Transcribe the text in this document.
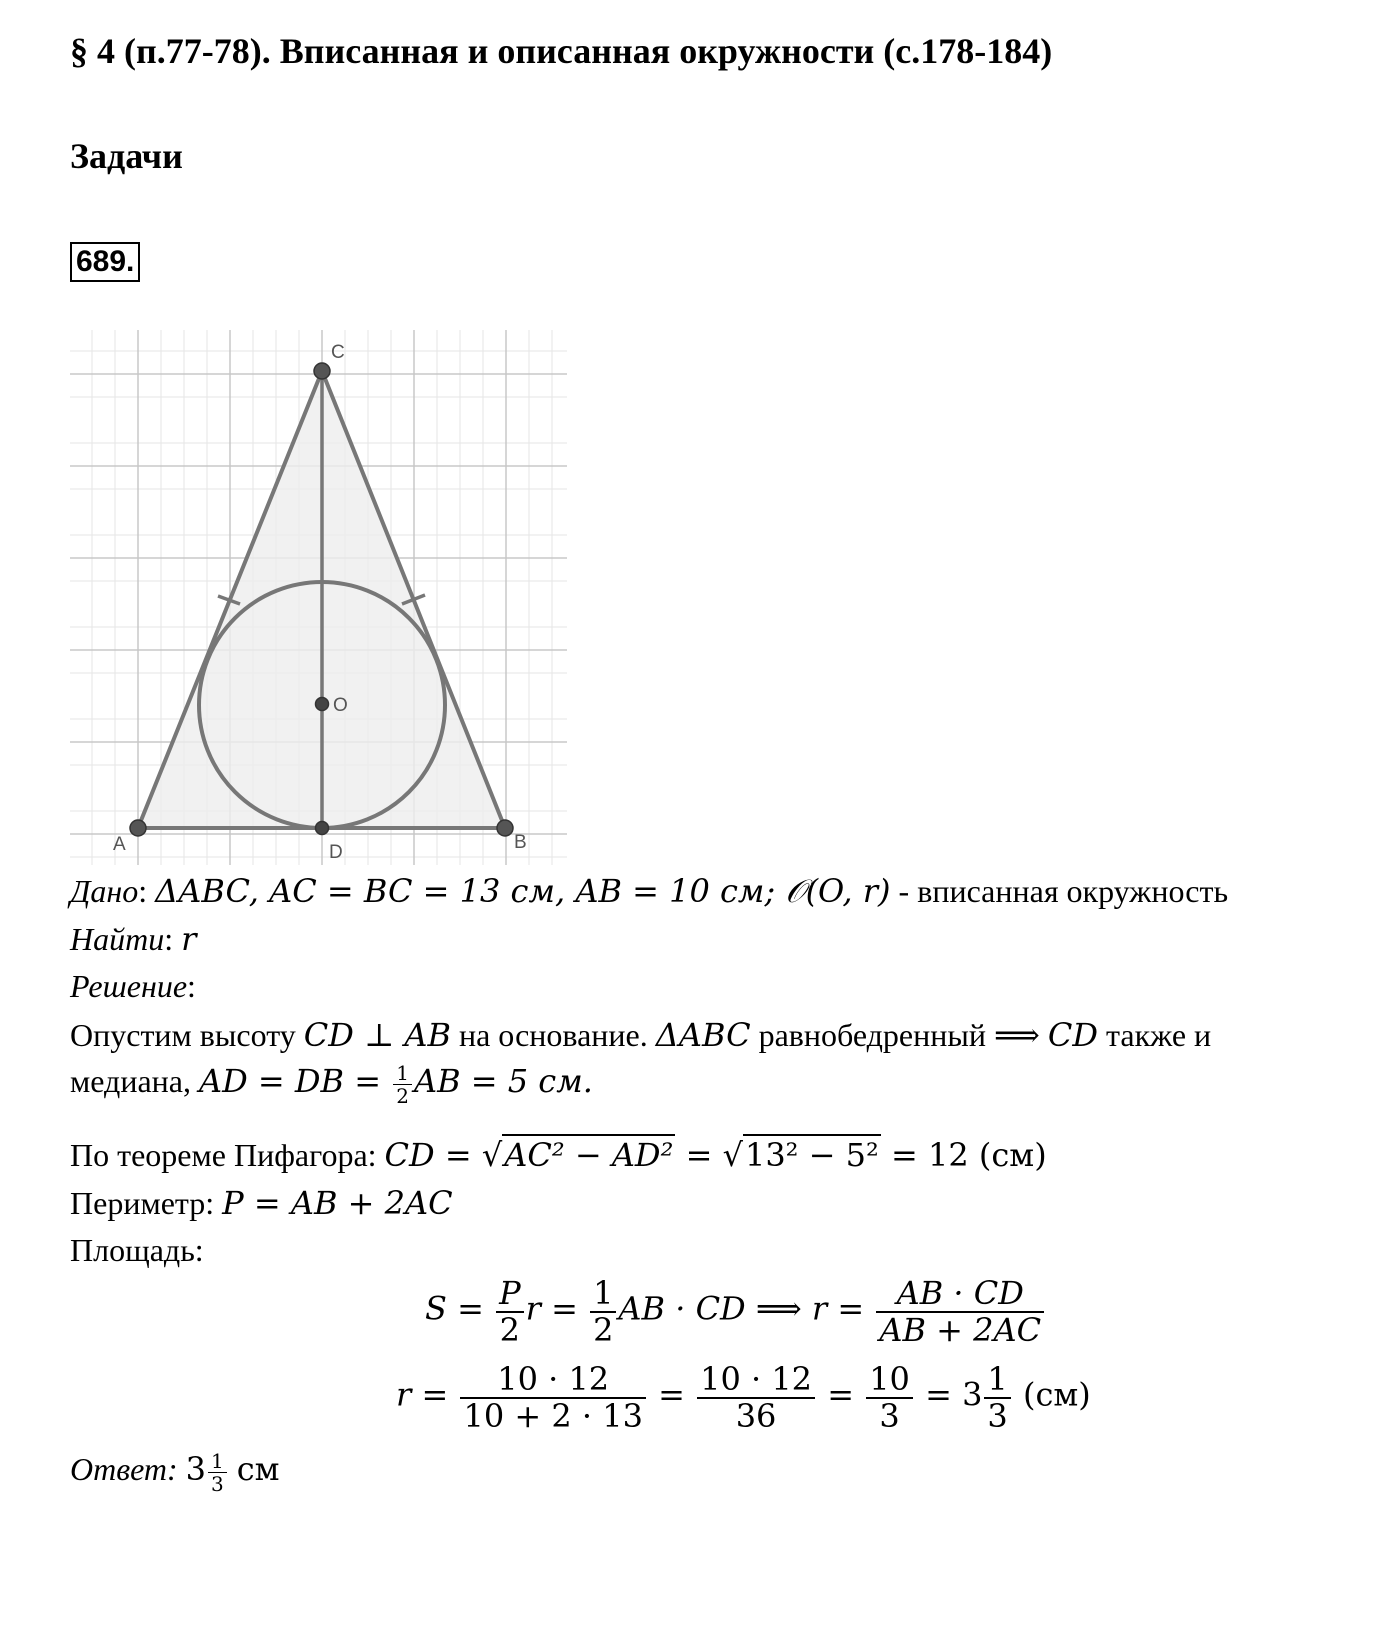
§ 4 (п.77-78). Вписанная и описанная окружности (с.178-184)
Задачи
689.
C
A	B
D
O
Дано: ΔABC, AC = BC = 13 см, AB = 10 см; 𝒪(O, r) - вписанная окружность
Найти: r
Решение:
Опустим высоту CD ⊥ AB на основание. ΔABC равнобедренный ⟹ CD также и
медиана, AD = DB = $\frac{1}{2}$ AB = 5 см.
По теореме Пифагора: CD = √AC² − AD² = √13² − 5² = 12 (см)
Периметр: P = AB + 2AC
Площадь:
$S = \frac{P}{2}$ $r = \frac{1}{2}$ AB · CD ⟹ $r = \frac{AB \cdot CD}{AB + 2AC}$
$r = \frac{10 \cdot 12}{10 + 2 \cdot 13} = \frac{10 \cdot 12}{36} = \frac{10}{3} = 3 \frac{1}{3} (см)$
Ответ: $3 \frac{1}{3}$ см
